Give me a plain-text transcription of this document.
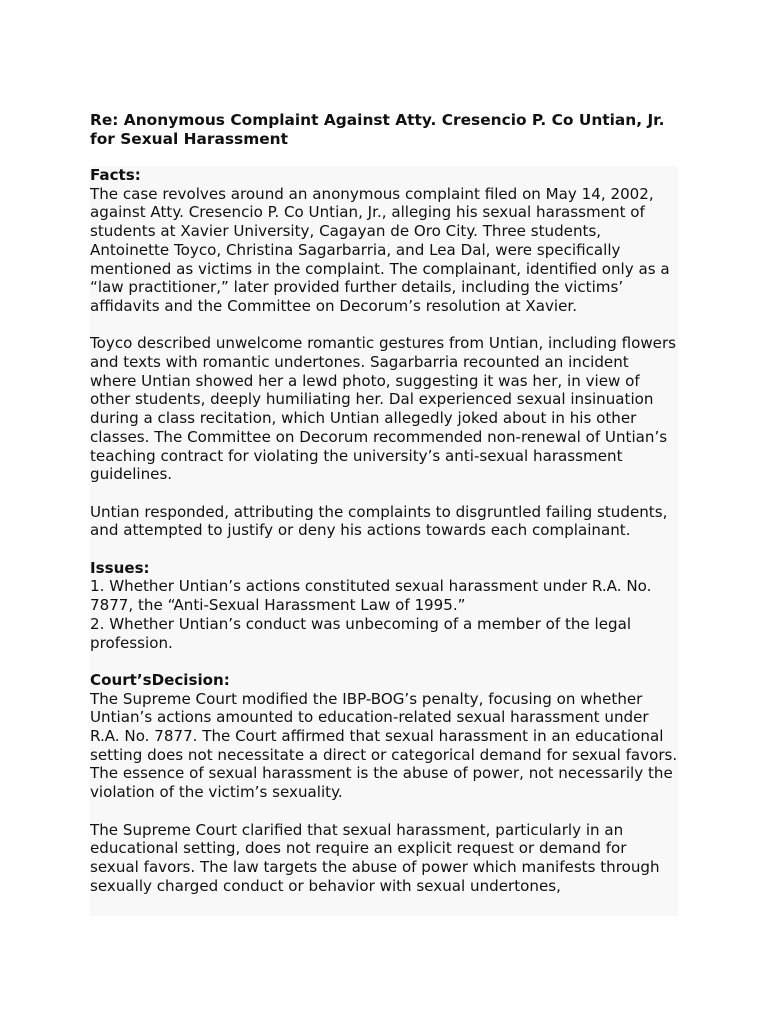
Re: Anonymous Complaint Against Atty. Cresencio P. Co Untian, Jr. for Sexual Harassment

Facts:

The case revolves around an anonymous complaint filed on May 14, 2002, against Atty. Cresencio P. Co Untian, Jr., alleging his sexual harassment of students at Xavier University, Cagayan de Oro City. Three students, Antoinette Toyco, Christina Sagarbarria, and Lea Dal, were specifically mentioned as victims in the complaint. The complainant, identified only as a “law practitioner,” later provided further details, including the victims’ affidavits and the Committee on Decorum’s resolution at Xavier.

Toyco described unwelcome romantic gestures from Untian, including flowers and texts with romantic undertones. Sagarbarria recounted an incident where Untian showed her a lewd photo, suggesting it was her, in view of other students, deeply humiliating her. Dal experienced sexual insinuation during a class recitation, which Untian allegedly joked about in his other classes. The Committee on Decorum recommended non-renewal of Untian’s teaching contract for violating the university’s anti-sexual harassment guidelines.

Untian responded, attributing the complaints to disgruntled failing students, and attempted to justify or deny his actions towards each complainant.

Issues:

1. Whether Untian’s actions constituted sexual harassment under R.A. No. 7877, the “Anti-Sexual Harassment Law of 1995.”

2. Whether Untian’s conduct was unbecoming of a member of the legal profession.

Court’sDecision:

The Supreme Court modified the IBP-BOG’s penalty, focusing on whether Untian’s actions amounted to education-related sexual harassment under R.A. No. 7877. The Court affirmed that sexual harassment in an educational setting does not necessitate a direct or categorical demand for sexual favors. The essence of sexual harassment is the abuse of power, not necessarily the violation of the victim’s sexuality.

The Supreme Court clarified that sexual harassment, particularly in an educational setting, does not require an explicit request or demand for sexual favors. The law targets the abuse of power which manifests through sexually charged conduct or behavior with sexual undertones,
